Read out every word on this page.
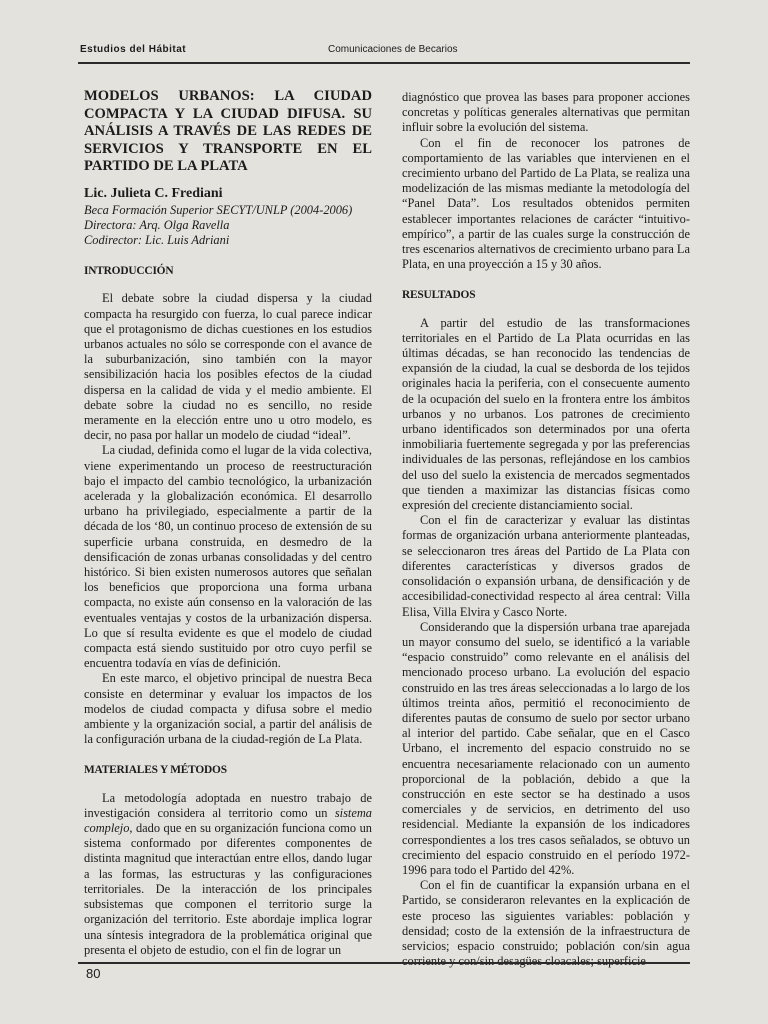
Estudios del Hábitat	Comunicaciones de Becarios
MODELOS URBANOS: LA CIUDAD COMPACTA Y LA CIUDAD DIFUSA. SU ANÁLISIS A TRAVÉS DE LAS REDES DE SERVICIOS Y TRANSPORTE EN EL PARTIDO DE LA PLATA
Lic. Julieta C. Frediani
Beca Formación Superior SECYT/UNLP (2004-2006)
Directora: Arq. Olga Ravella
Codirector: Lic. Luis Adriani
INTRODUCCIÓN

El debate sobre la ciudad dispersa y la ciudad compacta ha resurgido con fuerza, lo cual parece indicar que el protagonismo de dichas cuestiones en los estudios urbanos actuales no sólo se corresponde con el avance de la suburbanización, sino también con la mayor sensibilización hacia los posibles efectos de la ciudad dispersa en la calidad de vida y el medio ambiente. El debate sobre la ciudad no es sencillo, no reside meramente en la elección entre uno u otro modelo, es decir, no pasa por hallar un modelo de ciudad “ideal”.

La ciudad, definida como el lugar de la vida colectiva, viene experimentando un proceso de reestructuración bajo el impacto del cambio tecnológico, la urbanización acelerada y la globalización económica. El desarrollo urbano ha privilegiado, especialmente a partir de la década de los ‘80, un continuo proceso de extensión de su superficie urbana construida, en desmedro de la densificación de zonas urbanas consolidadas y del centro histórico. Si bien existen numerosos autores que señalan los beneficios que proporciona una forma urbana compacta, no existe aún consenso en la valoración de las eventuales ventajas y costos de la urbanización dispersa. Lo que sí resulta evidente es que el modelo de ciudad compacta está siendo sustituido por otro cuyo perfil se encuentra todavía en vías de definición.

En este marco, el objetivo principal de nuestra Beca consiste en determinar y evaluar los impactos de los modelos de ciudad compacta y difusa sobre el medio ambiente y la organización social, a partir del análisis de la configuración urbana de la ciudad-región de La Plata.

MATERIALES Y MÉTODOS

La metodología adoptada en nuestro trabajo de investigación considera al territorio como un sistema complejo, dado que en su organización funciona como un sistema conformado por diferentes componentes de distinta magnitud que interactúan entre ellos, dando lugar a las formas, las estructuras y las configuraciones territoriales. De la interacción de los principales subsistemas que componen el territorio surge la organización del territorio. Este abordaje implica lograr una síntesis integradora de la problemática original que presenta el objeto de estudio, con el fin de lograr un

diagnóstico que provea las bases para proponer acciones concretas y políticas generales alternativas que permitan influir sobre la evolución del sistema.

Con el fin de reconocer los patrones de comportamiento de las variables que intervienen en el crecimiento urbano del Partido de La Plata, se realiza una modelización de las mismas mediante la metodología del “Panel Data”. Los resultados obtenidos permiten establecer importantes relaciones de carácter “intuitivo-empírico”, a partir de las cuales surge la construcción de tres escenarios alternativos de crecimiento urbano para La Plata, en una proyección a 15 y 30 años.

RESULTADOS

A partir del estudio de las transformaciones territoriales en el Partido de La Plata ocurridas en las últimas décadas, se han reconocido las tendencias de expansión de la ciudad, la cual se desborda de los tejidos originales hacia la periferia, con el consecuente aumento de la ocupación del suelo en la frontera entre los ámbitos urbanos y no urbanos. Los patrones de crecimiento urbano identificados son determinados por una oferta inmobiliaria fuertemente segregada y por las preferencias individuales de las personas, reflejándose en los cambios del uso del suelo la existencia de mercados segmentados que tienden a maximizar las distancias físicas como expresión del creciente distanciamiento social.

Con el fin de caracterizar y evaluar las distintas formas de organización urbana anteriormente planteadas, se seleccionaron tres áreas del Partido de La Plata con diferentes características y diversos grados de consolidación o expansión urbana, de densificación y de accesibilidad-conectividad respecto al área central: Villa Elisa, Villa Elvira y Casco Norte.

Considerando que la dispersión urbana trae aparejada un mayor consumo del suelo, se identificó a la variable “espacio construido” como relevante en el análisis del mencionado proceso urbano. La evolución del espacio construido en las tres áreas seleccionadas a lo largo de los últimos treinta años, permitió el reconocimiento de diferentes pautas de consumo de suelo por sector urbano al interior del partido. Cabe señalar, que en el Casco Urbano, el incremento del espacio construido no se encuentra necesariamente relacionado con un aumento proporcional de la población, debido a que la construcción en este sector se ha destinado a usos comerciales y de servicios, en detrimento del uso residencial. Mediante la expansión de los indicadores correspondientes a los tres casos señalados, se obtuvo un crecimiento del espacio construido en el período 1972-1996 para todo el Partido del 42%.

Con el fin de cuantificar la expansión urbana en el Partido, se consideraron relevantes en la explicación de este proceso las siguientes variables: población y densidad; costo de la extensión de la infraestructura de servicios; espacio construido; población con/sin agua

80
